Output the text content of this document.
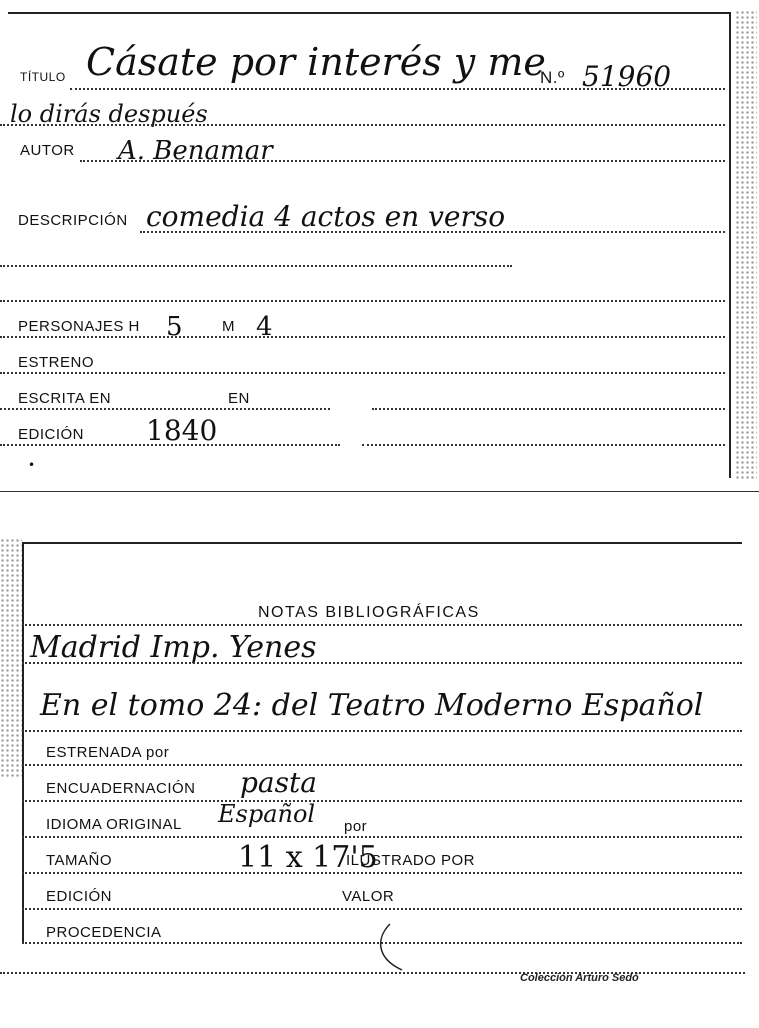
TÍTULO Cásate por interés y me
N.º 51960
lo dirás después
AUTOR A. Benamar
DESCRIPCIÓN comedia 4 actos en verso
PERSONAJES H 5	M 4
ESTRENO
ESCRITA EN	EN
EDICIÓN 1840
•
NOTAS BIBLIOGRÁFICAS
Madrid Imp. Yenes
En el tomo 24: del Teatro Moderno Español
ESTRENADA por
ENCUADERNACIÓN pasta
IDIOMA ORIGINAL Español por
TAMAÑO	11 x 17'5
ILUSTRADO POR
EDICIÓN	VALOR
PROCEDENCIA
Colección Arturo Sedó
